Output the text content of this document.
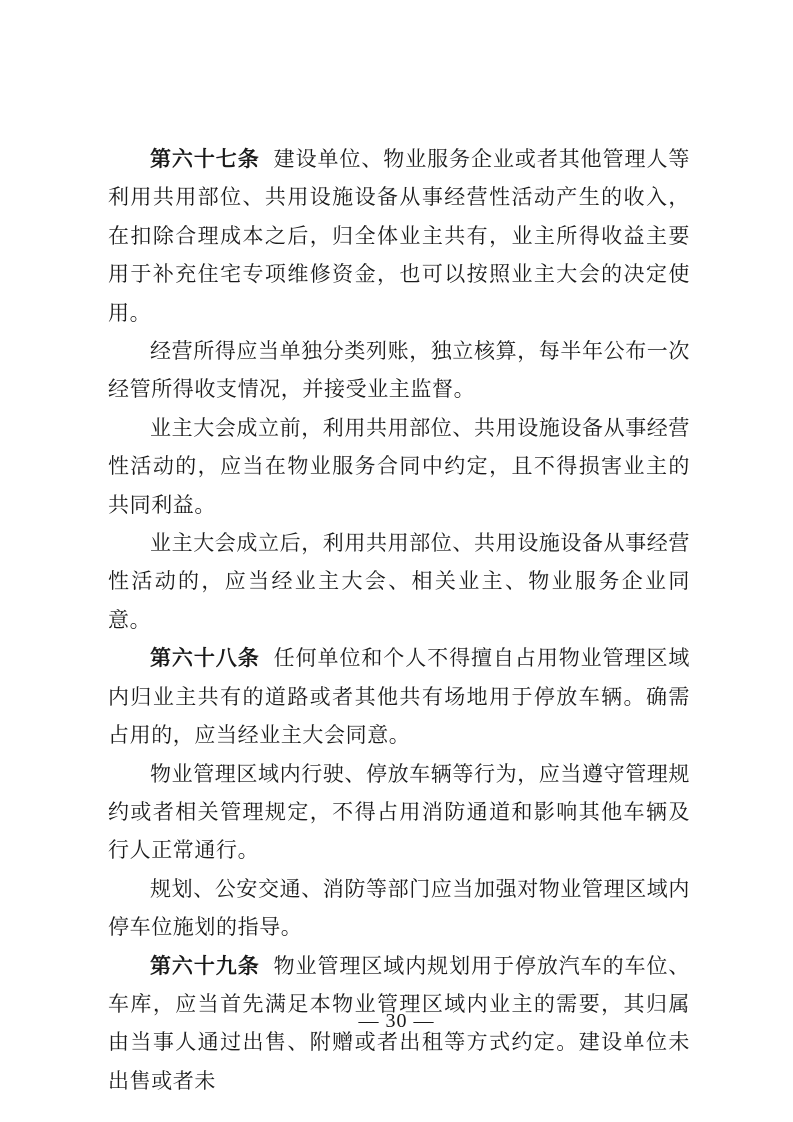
第六十七条 建设单位、物业服务企业或者其他管理人等利用共用部位、共用设施设备从事经营性活动产生的收入，在扣除合理成本之后，归全体业主共有，业主所得收益主要用于补充住宅专项维修资金，也可以按照业主大会的决定使用。

经营所得应当单独分类列账，独立核算，每半年公布一次经管所得收支情况，并接受业主监督。

业主大会成立前，利用共用部位、共用设施设备从事经营性活动的，应当在物业服务合同中约定，且不得损害业主的共同利益。

业主大会成立后，利用共用部位、共用设施设备从事经营性活动的，应当经业主大会、相关业主、物业服务企业同意。

第六十八条 任何单位和个人不得擅自占用物业管理区域内归业主共有的道路或者其他共有场地用于停放车辆。确需占用的，应当经业主大会同意。

物业管理区域内行驶、停放车辆等行为，应当遵守管理规约或者相关管理规定，不得占用消防通道和影响其他车辆及行人正常通行。

规划、公安交通、消防等部门应当加强对物业管理区域内停车位施划的指导。

第六十九条 物业管理区域内规划用于停放汽车的车位、车库，应当首先满足本物业管理区域内业主的需要，其归属由当事人通过出售、附赠或者出租等方式约定。建设单位未出售或者未

— 30 —
